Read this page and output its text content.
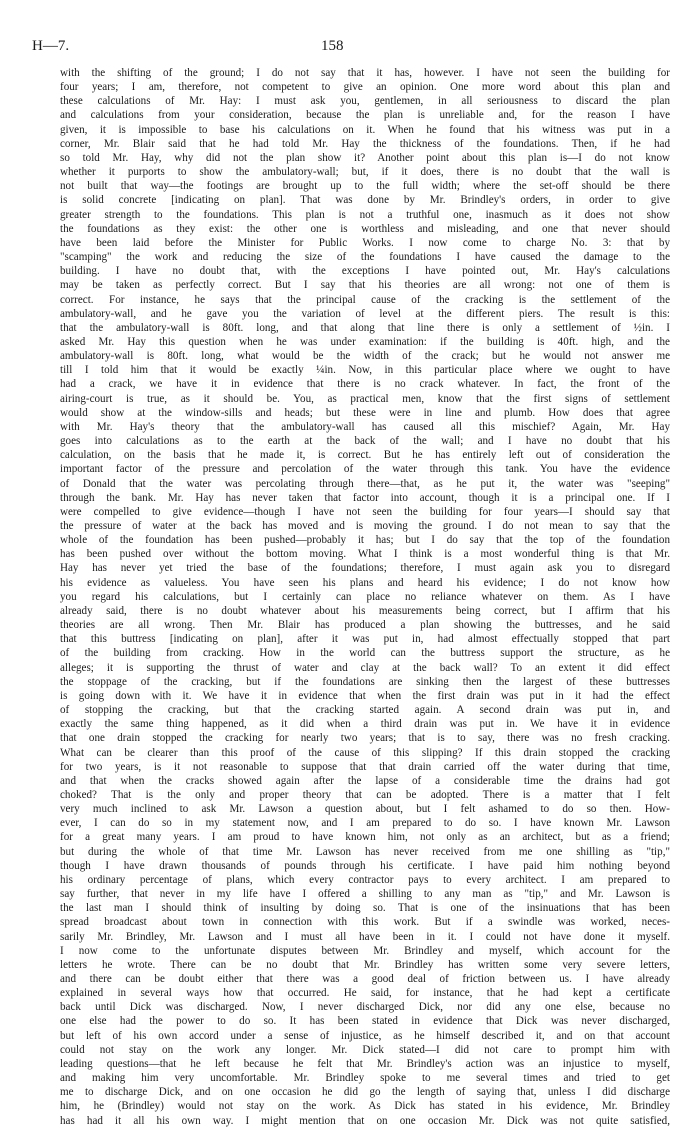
H—7.	158
with the shifting of the ground; I do not say that it has, however. I have not seen the building for
four years; I am, therefore, not competent to give an opinion. One more word about this plan and
these calculations of Mr. Hay: I must ask you, gentlemen, in all seriousness to discard the plan
and calculations from your consideration, because the plan is unreliable and, for the reason I have
given, it is impossible to base his calculations on it. When he found that his witness was put in a
corner, Mr. Blair said that he had told Mr. Hay the thickness of the foundations. Then, if he had
so told Mr. Hay, why did not the plan show it? Another point about this plan is—I do not know
whether it purports to show the ambulatory-wall; but, if it does, there is no doubt that the wall is
not built that way—the footings are brought up to the full width; where the set-off should be there
is solid concrete [indicating on plan]. That was done by Mr. Brindley's orders, in order to give
greater strength to the foundations. This plan is not a truthful one, inasmuch as it does not show
the foundations as they exist: the other one is worthless and misleading, and one that never should
have been laid before the Minister for Public Works. I now come to charge No. 3: that by
"scamping" the work and reducing the size of the foundations I have caused the damage to the
building. I have no doubt that, with the exceptions I have pointed out, Mr. Hay's calculations
may be taken as perfectly correct. But I say that his theories are all wrong: not one of them is
correct. For instance, he says that the principal cause of the cracking is the settlement of the
ambulatory-wall, and he gave you the variation of level at the different piers. The result is this:
that the ambulatory-wall is 80ft. long, and that along that line there is only a settlement of ½in. I
asked Mr. Hay this question when he was under examination: if the building is 40ft. high, and the
ambulatory-wall is 80ft. long, what would be the width of the crack; but he would not answer me
till I told him that it would be exactly ¼in. Now, in this particular place where we ought to have
had a crack, we have it in evidence that there is no crack whatever. In fact, the front of the
airing-court is true, as it should be. You, as practical men, know that the first signs of settlement
would show at the window-sills and heads; but these were in line and plumb. How does that agree
with Mr. Hay's theory that the ambulatory-wall has caused all this mischief? Again, Mr. Hay
goes into calculations as to the earth at the back of the wall; and I have no doubt that his
calculation, on the basis that he made it, is correct. But he has entirely left out of consideration the
important factor of the pressure and percolation of the water through this tank. You have the evidence
of Donald that the water was percolating through there—that, as he put it, the water was "seeping"
through the bank. Mr. Hay has never taken that factor into account, though it is a principal one. If I
were compelled to give evidence—though I have not seen the building for four years—I should say that
the pressure of water at the back has moved and is moving the ground. I do not mean to say that the
whole of the foundation has been pushed—probably it has; but I do say that the top of the foundation
has been pushed over without the bottom moving. What I think is a most wonderful thing is that Mr.
Hay has never yet tried the base of the foundations; therefore, I must again ask you to disregard
his evidence as valueless. You have seen his plans and heard his evidence; I do not know how
you regard his calculations, but I certainly can place no reliance whatever on them. As I have
already said, there is no doubt whatever about his measurements being correct, but I affirm that his
theories are all wrong. Then Mr. Blair has produced a plan showing the buttresses, and he said
that this buttress [indicating on plan], after it was put in, had almost effectually stopped that part
of the building from cracking. How in the world can the buttress support the structure, as he
alleges; it is supporting the thrust of water and clay at the back wall? To an extent it did effect
the stoppage of the cracking, but if the foundations are sinking then the largest of these buttresses
is going down with it. We have it in evidence that when the first drain was put in it had the effect
of stopping the cracking, but that the cracking started again. A second drain was put in, and
exactly the same thing happened, as it did when a third drain was put in. We have it in evidence
that one drain stopped the cracking for nearly two years; that is to say, there was no fresh cracking.
What can be clearer than this proof of the cause of this slipping? If this drain stopped the cracking
for two years, is it not reasonable to suppose that that drain carried off the water during that time,
and that when the cracks showed again after the lapse of a considerable time the drains had got
choked? That is the only and proper theory that can be adopted. There is a matter that I felt
very much inclined to ask Mr. Lawson a question about, but I felt ashamed to do so then. How-
ever, I can do so in my statement now, and I am prepared to do so. I have known Mr. Lawson
for a great many years. I am proud to have known him, not only as an architect, but as a friend;
but during the whole of that time Mr. Lawson has never received from me one shilling as "tip,"
though I have drawn thousands of pounds through his certificate. I have paid him nothing beyond
his ordinary percentage of plans, which every contractor pays to every architect. I am prepared to
say further, that never in my life have I offered a shilling to any man as "tip," and Mr. Lawson is
the last man I should think of insulting by doing so. That is one of the insinuations that has been
spread broadcast about town in connection with this work. But if a swindle was worked, neces-
sarily Mr. Brindley, Mr. Lawson and I must all have been in it. I could not have done it myself.
I now come to the unfortunate disputes between Mr. Brindley and myself, which account for the
letters he wrote. There can be no doubt that Mr. Brindley has written some very severe letters,
and there can be doubt either that there was a good deal of friction between us. I have already
explained in several ways how that occurred. He said, for instance, that he had kept a certificate
back until Dick was discharged. Now, I never discharged Dick, nor did any one else, because no
one else had the power to do so. It has been stated in evidence that Dick was never discharged,
but left of his own accord under a sense of injustice, as he himself described it, and on that account
could not stay on the work any longer. Mr. Dick stated—I did not care to prompt him with
leading questions—that he left because he felt that Mr. Brindley's action was an injustice to myself,
and making him very uncomfortable. Mr. Brindley spoke to me several times and tried to get
me to discharge Dick, and on one occasion he did go the length of saying that, unless I did discharge
him, he (Brindley) would not stay on the work. As Dick has stated in his evidence, Mr. Brindley
has had it all his own way. I might mention that on one occasion Mr. Dick was not quite satisfied,
